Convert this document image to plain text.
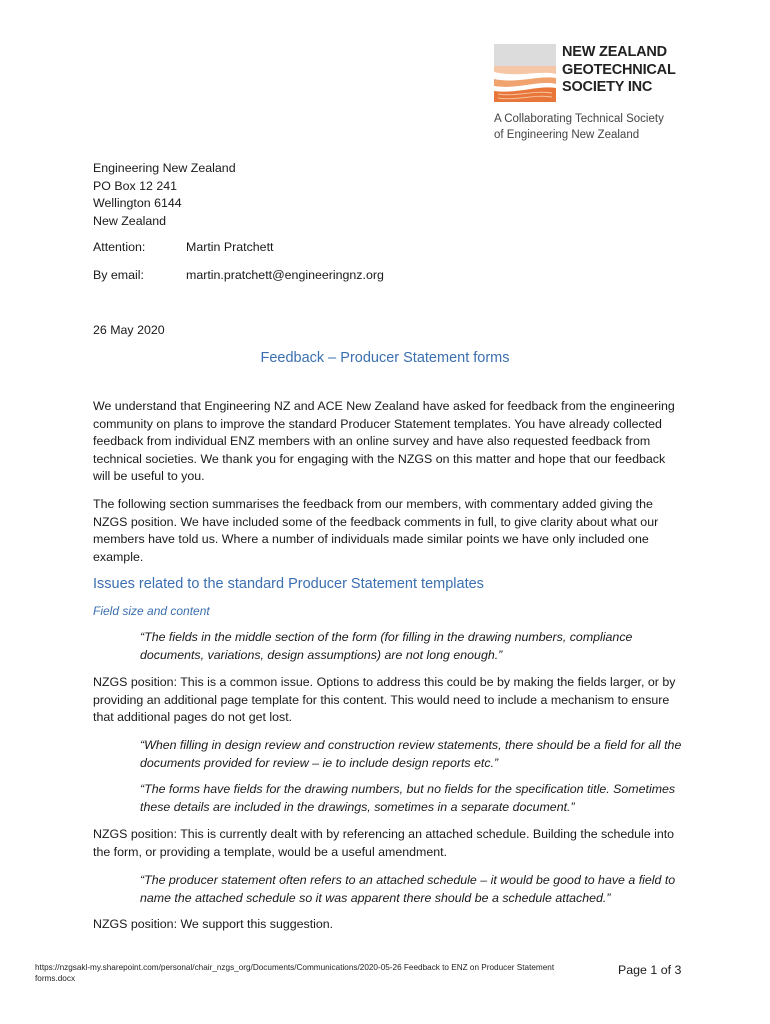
NEW ZEALAND
GEOTECHNICAL
SOCIETY INC
A Collaborating Technical Society
of Engineering New Zealand
Engineering New Zealand
PO Box 12 241
Wellington 6144
New Zealand
Attention:	Martin Pratchett
By email:	martin.pratchett@engineeringnz.org
26 May 2020
Feedback – Producer Statement forms

We understand that Engineering NZ and ACE New Zealand have asked for feedback from the engineering community on plans to improve the standard Producer Statement templates. You have already collected feedback from individual ENZ members with an online survey and have also requested feedback from technical societies. We thank you for engaging with the NZGS on this matter and hope that our feedback will be useful to you.

The following section summarises the feedback from our members, with commentary added giving the NZGS position. We have included some of the feedback comments in full, to give clarity about what our members have told us. Where a number of individuals made similar points we have only included one example.

Issues related to the standard Producer Statement templates
Field size and content

“The fields in the middle section of the form (for filling in the drawing numbers, compliance documents, variations, design assumptions) are not long enough.”

NZGS position: This is a common issue. Options to address this could be by making the fields larger, or by providing an additional page template for this content. This would need to include a mechanism to ensure that additional pages do not get lost.

“When filling in design review and construction review statements, there should be a field for all the documents provided for review – ie to include design reports etc.”

“The forms have fields for the drawing numbers, but no fields for the specification title. Sometimes these details are included in the drawings, sometimes in a separate document.”

NZGS position: This is currently dealt with by referencing an attached schedule. Building the schedule into the form, or providing a template, would be a useful amendment.

“The producer statement often refers to an attached schedule – it would be good to have a field to name the attached schedule so it was apparent there should be a schedule attached.”

NZGS position: We support this suggestion.

https://nzgsakl-my.sharepoint.com/personal/chair_nzgs_org/Documents/Communications/2020-05-26 Feedback to ENZ on Producer Statement forms.docx
Page 1 of 3
